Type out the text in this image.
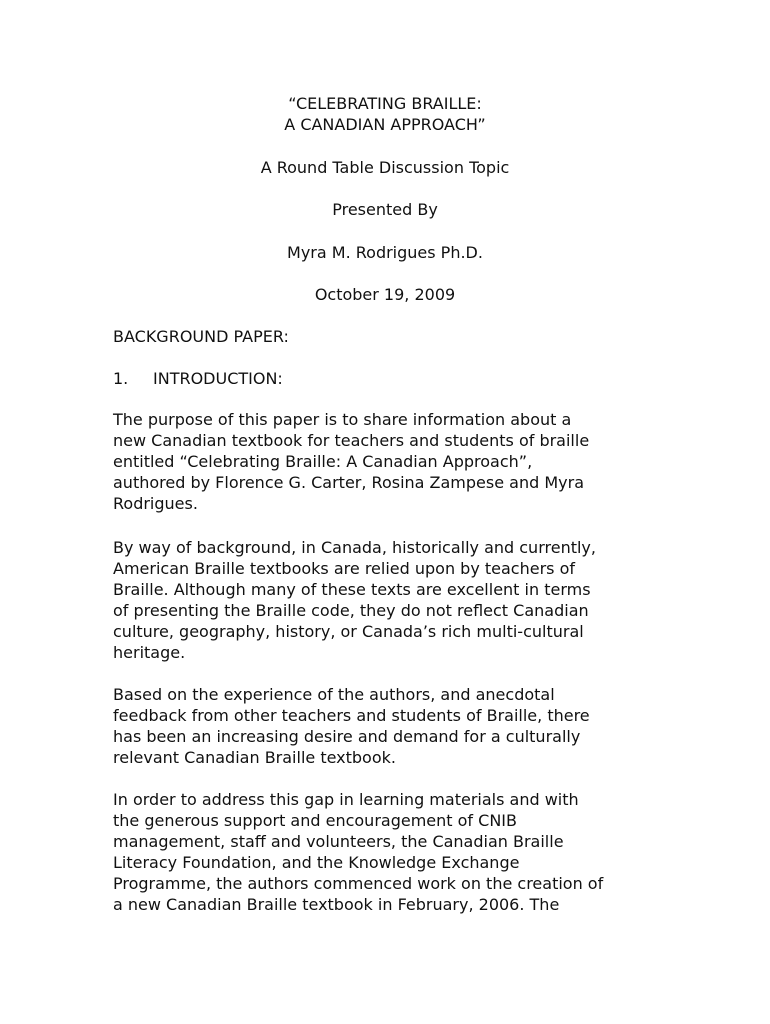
“CELEBRATING BRAILLE:
A CANADIAN APPROACH”
A Round Table Discussion Topic
Presented By
Myra M. Rodrigues Ph.D.
October 19, 2009
BACKGROUND PAPER:
1. INTRODUCTION:
The purpose of this paper is to share information about a
new Canadian textbook for teachers and students of braille
entitled “Celebrating Braille: A Canadian Approach”,
authored by Florence G. Carter, Rosina Zampese and Myra
Rodrigues.
By way of background, in Canada, historically and currently,
American Braille textbooks are relied upon by teachers of
Braille. Although many of these texts are excellent in terms
of presenting the Braille code, they do not reflect Canadian
culture, geography, history, or Canada’s rich multi-cultural
heritage.
Based on the experience of the authors, and anecdotal
feedback from other teachers and students of Braille, there
has been an increasing desire and demand for a culturally
relevant Canadian Braille textbook.
In order to address this gap in learning materials and with
the generous support and encouragement of CNIB
management, staff and volunteers, the Canadian Braille
Literacy Foundation, and the Knowledge Exchange
Programme, the authors commenced work on the creation of
a new Canadian Braille textbook in February, 2006. The
